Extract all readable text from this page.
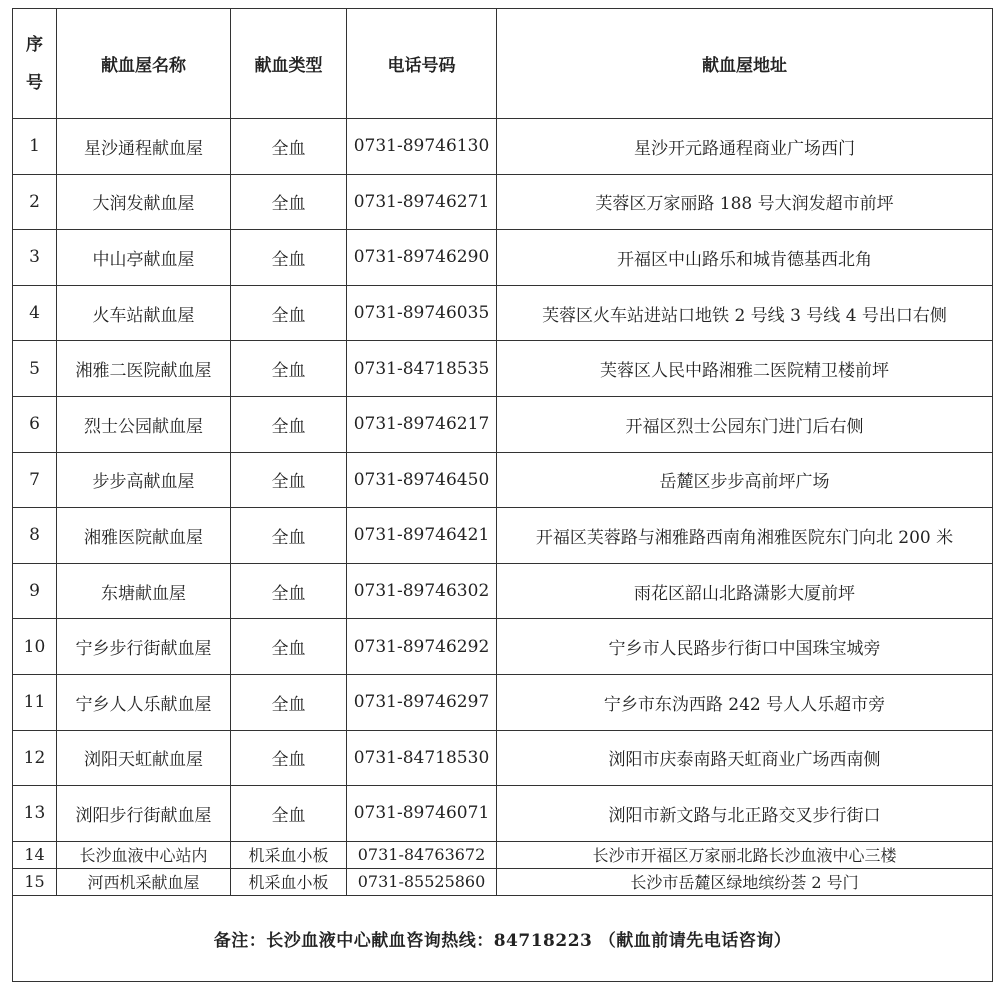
序
号	献血屋名称	献血类型	电话号码	献血屋地址
1	星沙通程献血屋	全血	0731-89746130	星沙开元路通程商业广场西门
2	大润发献血屋	全血	0731-89746271	芙蓉区万家丽路 188 号大润发超市前坪
3	中山亭献血屋	全血	0731-89746290	开福区中山路乐和城肯德基西北角
4	火车站献血屋	全血	0731-89746035	芙蓉区火车站进站口地铁 2 号线 3 号线 4 号出口右侧
5	湘雅二医院献血屋	全血	0731-84718535	芙蓉区人民中路湘雅二医院精卫楼前坪
6	烈士公园献血屋	全血	0731-89746217	开福区烈士公园东门进门后右侧
7	步步高献血屋	全血	0731-89746450	岳麓区步步高前坪广场
8	湘雅医院献血屋	全血	0731-89746421	开福区芙蓉路与湘雅路西南角湘雅医院东门向北 200 米
9	东塘献血屋	全血	0731-89746302	雨花区韶山北路潇影大厦前坪
10	宁乡步行街献血屋	全血	0731-89746292	宁乡市人民路步行街口中国珠宝城旁
11	宁乡人人乐献血屋	全血	0731-89746297	宁乡市东沩西路 242 号人人乐超市旁
12	浏阳天虹献血屋	全血	0731-84718530	浏阳市庆泰南路天虹商业广场西南侧
13	浏阳步行街献血屋	全血	0731-89746071	浏阳市新文路与北正路交叉步行街口
14	长沙血液中心站内	机采血小板	0731-84763672	长沙市开福区万家丽北路长沙血液中心三楼
15	河西机采献血屋	机采血小板	0731-85525860	长沙市岳麓区绿地缤纷荟 2 号门
备注：长沙血液中心献血咨询热线：84718223 （献血前请先电话咨询）				
